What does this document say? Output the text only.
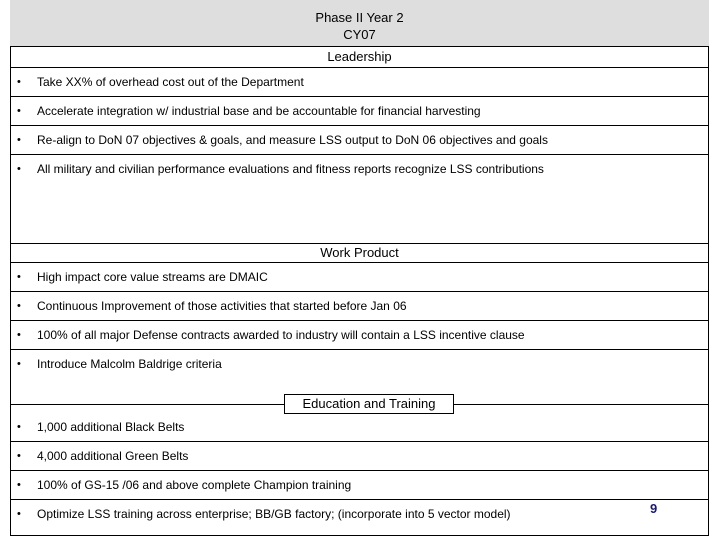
Phase II Year 2
CY07
Leadership
• Take XX% of overhead cost out of the Department
• Accelerate integration w/ industrial base and be accountable for financial harvesting
• Re-align to DoN 07 objectives & goals, and measure LSS output to DoN 06 objectives and goals
• All military and civilian performance evaluations and fitness reports recognize LSS contributions
Work Product
• High impact core value streams are DMAIC
• Continuous Improvement of those activities that started before Jan 06
• 100% of all major Defense contracts awarded to industry will contain a LSS incentive clause
• Introduce Malcolm Baldrige criteria
Education and Training
• 1,000 additional Black Belts
• 4,000 additional Green Belts
• 100% of GS-15 /06 and above complete Champion training
• Optimize LSS training across enterprise; BB/GB factory; (incorporate into 5 vector model)	9
